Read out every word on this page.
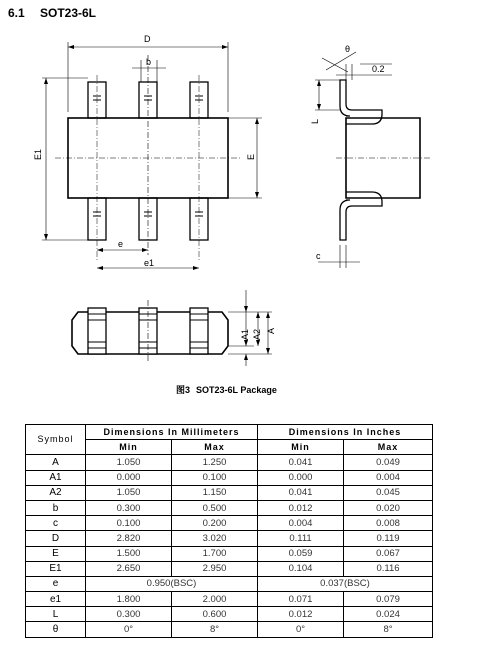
6.1 SOT23-6L
D
b
E1	E
e
e1
θ
0.2
L
c
A1 A2 A
图3 SOT23-6L Package
Symbol	Dimensions In Millimeters		Dimensions In Inches	
	Min	Max	Min	Max
A	1.050	1.250	0.041	0.049
A1	0.000	0.100	0.000	0.004
A2	1.050	1.150	0.041	0.045
b	0.300	0.500	0.012	0.020
c	0.100	0.200	0.004	0.008
D	2.820	3.020	0.111	0.119
E	1.500	1.700	0.059	0.067
E1	2.650	2.950	0.104	0.116
e	0.950(BSC)		0.037(BSC)	
e1	1.800	2.000	0.071	0.079
L	0.300	0.600	0.012	0.024
θ	0°	8°	0°	8°
